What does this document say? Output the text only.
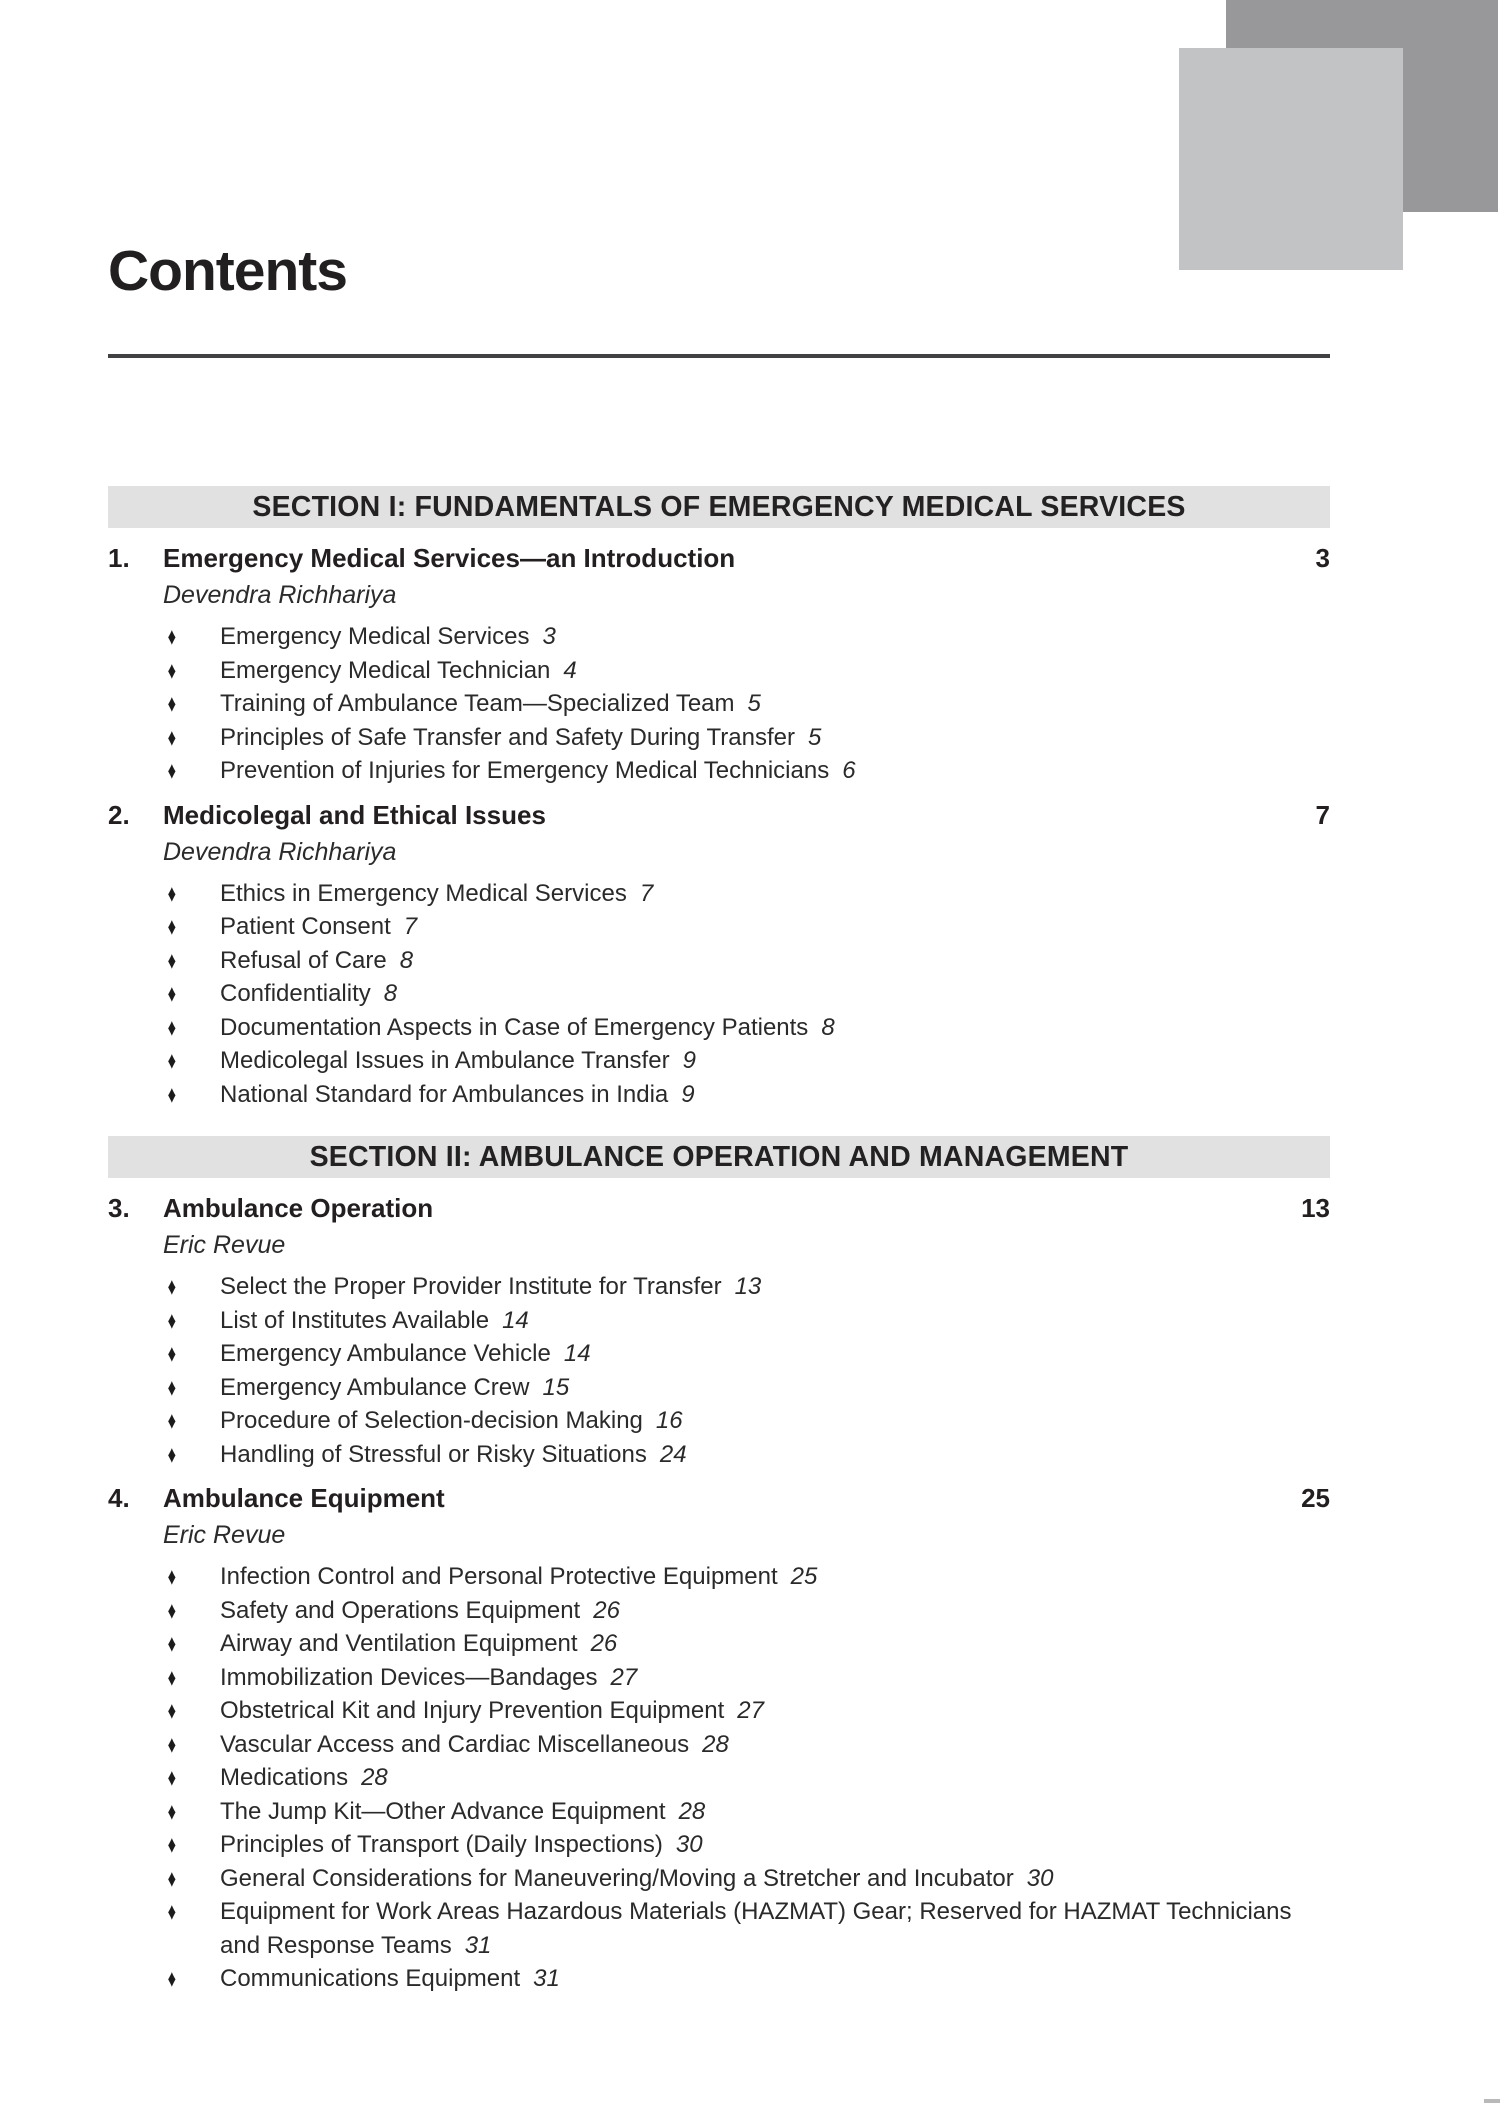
Contents
SECTION I: FUNDAMENTALS OF EMERGENCY MEDICAL SERVICES
1.	Emergency Medical Services—an Introduction	3
Devendra Richhariya
♦ Emergency Medical Services 3
♦ Emergency Medical Technician 4
♦ Training of Ambulance Team—Specialized Team 5
♦ Principles of Safe Transfer and Safety During Transfer 5
♦ Prevention of Injuries for Emergency Medical Technicians 6
2.	Medicolegal and Ethical Issues	7
Devendra Richhariya
♦ Ethics in Emergency Medical Services 7
♦ Patient Consent 7
♦ Refusal of Care 8
♦ Confidentiality 8
♦ Documentation Aspects in Case of Emergency Patients 8
♦ Medicolegal Issues in Ambulance Transfer 9
♦ National Standard for Ambulances in India 9
SECTION II: AMBULANCE OPERATION AND MANAGEMENT
3.	Ambulance Operation	13
Eric Revue
♦ Select the Proper Provider Institute for Transfer 13
♦ List of Institutes Available 14
♦ Emergency Ambulance Vehicle 14
♦ Emergency Ambulance Crew 15
♦ Procedure of Selection-decision Making 16
♦ Handling of Stressful or Risky Situations 24
4.	Ambulance Equipment	25
Eric Revue
♦ Infection Control and Personal Protective Equipment 25
♦ Safety and Operations Equipment 26
♦ Airway and Ventilation Equipment 26
♦ Immobilization Devices—Bandages 27
♦ Obstetrical Kit and Injury Prevention Equipment 27
♦ Vascular Access and Cardiac Miscellaneous 28
♦ Medications 28
♦ The Jump Kit—Other Advance Equipment 28
♦ Principles of Transport (Daily Inspections) 30
♦ General Considerations for Maneuvering/Moving a Stretcher and Incubator 30
♦ Equipment for Work Areas Hazardous Materials (HAZMAT) Gear; Reserved for HAZMAT Technicians and Response Teams 31
♦ Communications Equipment 31
